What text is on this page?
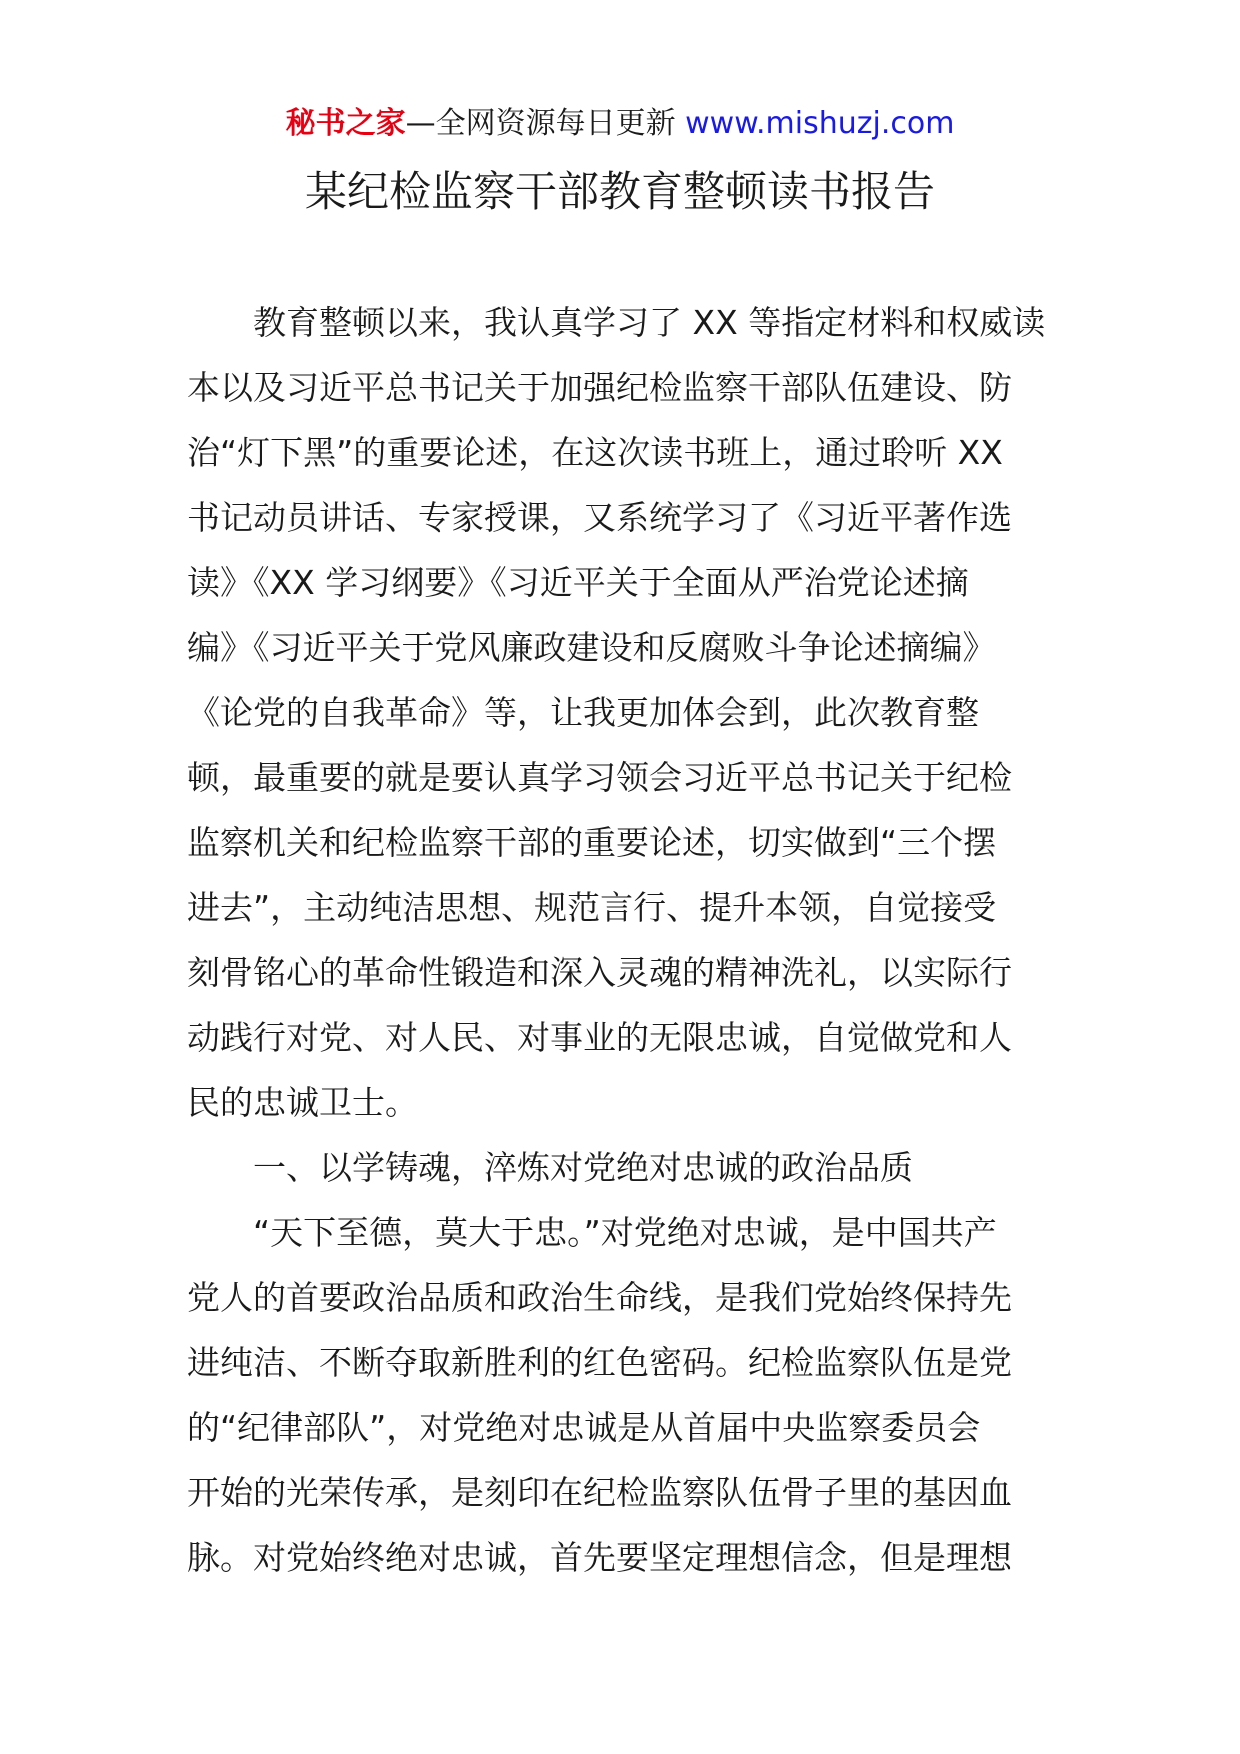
秘书之家—全网资源每日更新 www.mishuzj.com
某纪检监察干部教育整顿读书报告
教育整顿以来，我认真学习了 XX 等指定材料和权威读
本以及习近平总书记关于加强纪检监察干部队伍建设、防
治“灯下黑”的重要论述，在这次读书班上，通过聆听 XX
书记动员讲话、专家授课，又系统学习了《习近平著作选
读》《XX 学习纲要》《习近平关于全面从严治党论述摘
编》《习近平关于党风廉政建设和反腐败斗争论述摘编》
《论党的自我革命》等，让我更加体会到，此次教育整
顿，最重要的就是要认真学习领会习近平总书记关于纪检
监察机关和纪检监察干部的重要论述，切实做到“三个摆
进去”，主动纯洁思想、规范言行、提升本领，自觉接受
刻骨铭心的革命性锻造和深入灵魂的精神洗礼，以实际行
动践行对党、对人民、对事业的无限忠诚，自觉做党和人
民的忠诚卫士。
一、以学铸魂，淬炼对党绝对忠诚的政治品质
“天下至德，莫大于忠。”对党绝对忠诚，是中国共产
党人的首要政治品质和政治生命线，是我们党始终保持先
进纯洁、不断夺取新胜利的红色密码。纪检监察队伍是党
的“纪律部队”，对党绝对忠诚是从首届中央监察委员会
开始的光荣传承，是刻印在纪检监察队伍骨子里的基因血
脉。对党始终绝对忠诚，首先要坚定理想信念，但是理想
